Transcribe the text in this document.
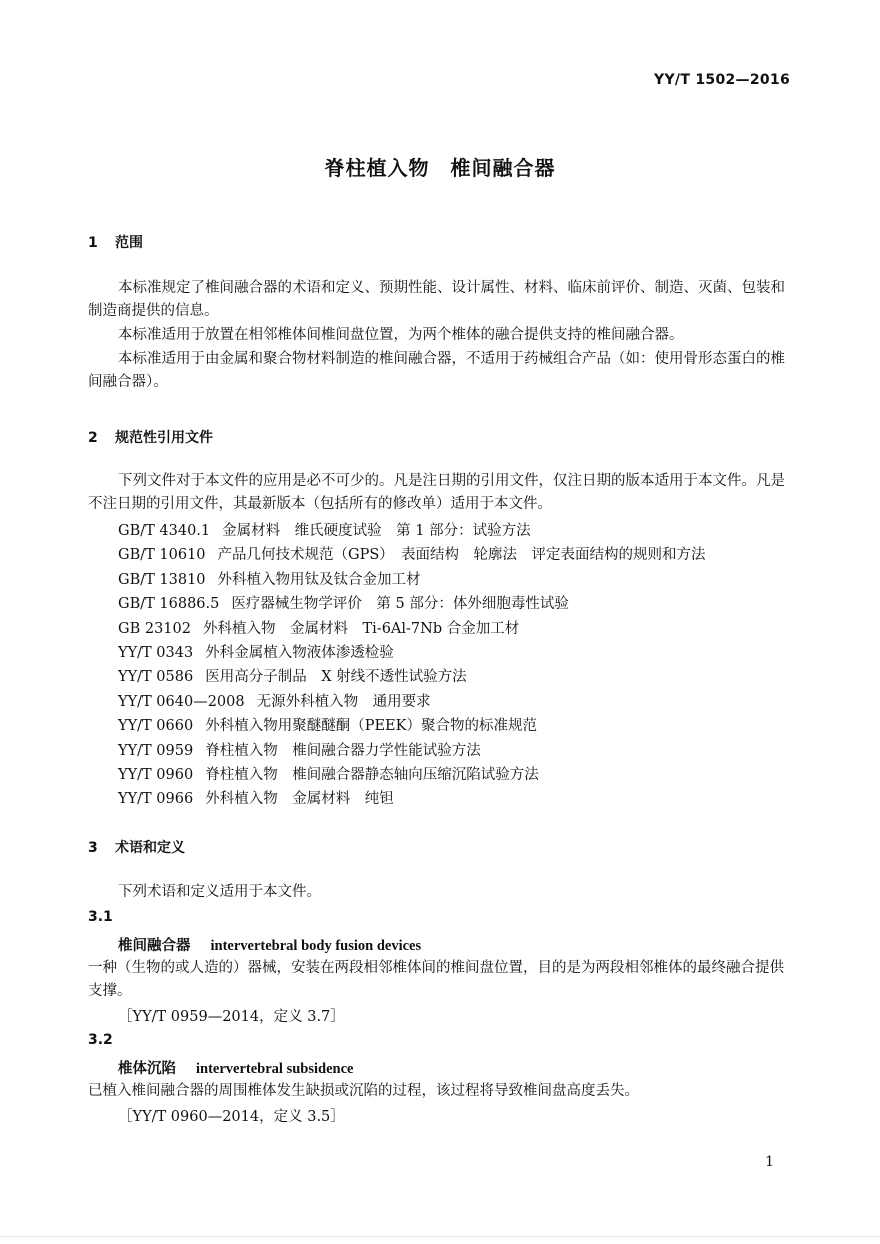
YY/T 1502—2016
脊柱植入物　椎间融合器
1 范围
本标准规定了椎间融合器的术语和定义、预期性能、设计属性、材料、临床前评价、制造、灭菌、包装和制造商提供的信息。
本标准适用于放置在相邻椎体间椎间盘位置，为两个椎体的融合提供支持的椎间融合器。
本标准适用于由金属和聚合物材料制造的椎间融合器，不适用于药械组合产品（如：使用骨形态蛋白的椎间融合器）。
2 规范性引用文件
下列文件对于本文件的应用是必不可少的。凡是注日期的引用文件，仅注日期的版本适用于本文件。凡是不注日期的引用文件，其最新版本（包括所有的修改单）适用于本文件。
GB/T 4340.1 金属材料　维氏硬度试验　第 1 部分：试验方法
GB/T 10610 产品几何技术规范（GPS）　表面结构　轮廓法　评定表面结构的规则和方法
GB/T 13810 外科植入物用钛及钛合金加工材
GB/T 16886.5 医疗器械生物学评价　第 5 部分：体外细胞毒性试验
GB 23102 外科植入物　金属材料　Ti-6Al-7Nb 合金加工材
YY/T 0343 外科金属植入物液体渗透检验
YY/T 0586 医用高分子制品　X 射线不透性试验方法
YY/T 0640—2008 无源外科植入物　通用要求
YY/T 0660 外科植入物用聚醚醚酮（PEEK）聚合物的标准规范
YY/T 0959 脊柱植入物　椎间融合器力学性能试验方法
YY/T 0960 脊柱植入物　椎间融合器静态轴向压缩沉陷试验方法
YY/T 0966 外科植入物　金属材料　纯钽
3 术语和定义
下列术语和定义适用于本文件。
3.1
椎间融合器 intervertebral body fusion devices
一种（生物的或人造的）器械，安装在两段相邻椎体间的椎间盘位置，目的是为两段相邻椎体的最终融合提供支撑。
［YY/T 0959—2014，定义 3.7］
3.2
椎体沉陷 intervertebral subsidence
已植入椎间融合器的周围椎体发生缺损或沉陷的过程，该过程将导致椎间盘高度丢失。
［YY/T 0960—2014，定义 3.5］
1
